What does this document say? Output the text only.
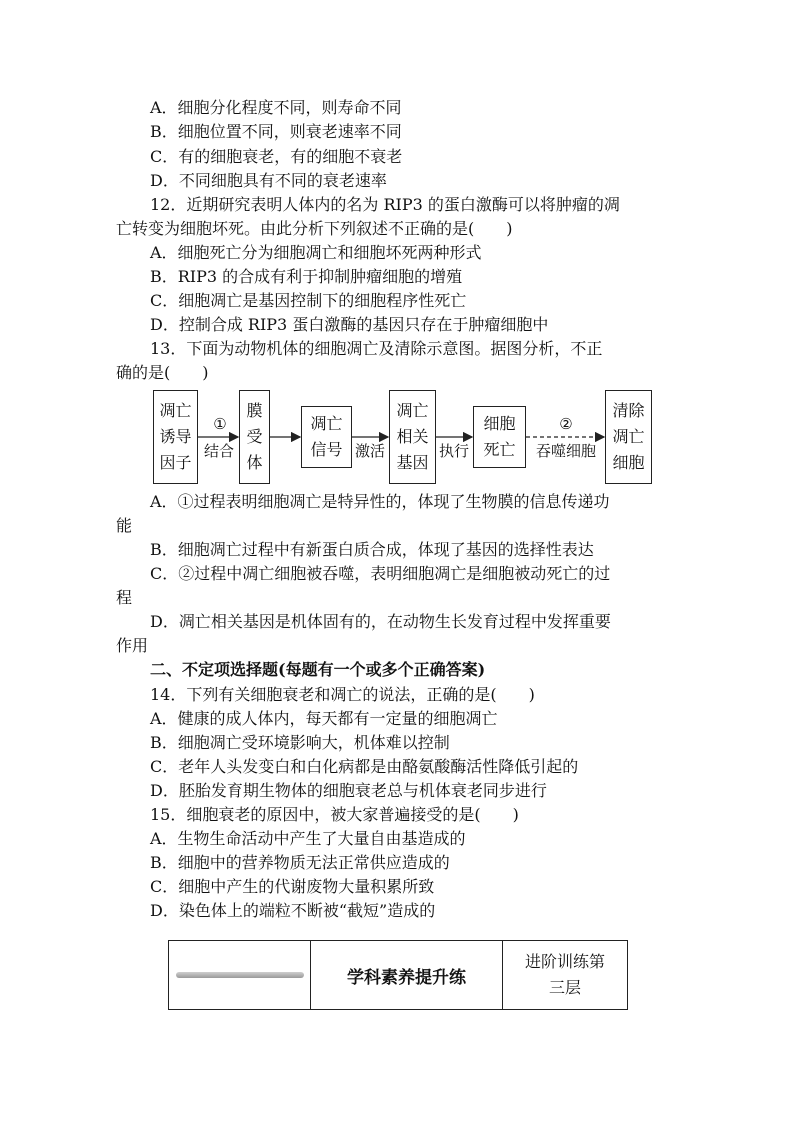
A．细胞分化程度不同，则寿命不同
B．细胞位置不同，则衰老速率不同
C．有的细胞衰老，有的细胞不衰老
D．不同细胞具有不同的衰老速率
12．近期研究表明人体内的名为 RIP3 的蛋白激酶可以将肿瘤的凋
亡转变为细胞坏死。由此分析下列叙述不正确的是(　　)
A．细胞死亡分为细胞凋亡和细胞坏死两种形式
B．RIP3 的合成有利于抑制肿瘤细胞的增殖
C．细胞凋亡是基因控制下的细胞程序性死亡
D．控制合成 RIP3 蛋白激酶的基因只存在于肿瘤细胞中
13．下面为动物机体的细胞凋亡及清除示意图。据图分析，不正
确的是(　　)
凋亡
诱导
因子
膜
受
体
凋亡
信号
凋亡
相关
基因
细胞
死亡
清除
凋亡
细胞
①
结合	激活	执行
②
吞噬细胞
A．①过程表明细胞凋亡是特异性的，体现了生物膜的信息传递功
能
B．细胞凋亡过程中有新蛋白质合成，体现了基因的选择性表达
C．②过程中凋亡细胞被吞噬，表明细胞凋亡是细胞被动死亡的过
程
D．凋亡相关基因是机体固有的，在动物生长发育过程中发挥重要
作用
二、不定项选择题(每题有一个或多个正确答案)
14．下列有关细胞衰老和凋亡的说法，正确的是(　　)
A．健康的成人体内，每天都有一定量的细胞凋亡
B．细胞凋亡受环境影响大，机体难以控制
C．老年人头发变白和白化病都是由酪氨酸酶活性降低引起的
D．胚胎发育期生物体的细胞衰老总与机体衰老同步进行
15．细胞衰老的原因中，被大家普遍接受的是(　　)
A．生物生命活动中产生了大量自由基造成的
B．细胞中的营养物质无法正常供应造成的
C．细胞中产生的代谢废物大量积累所致
D．染色体上的端粒不断被“截短”造成的
学科素养提升练
进阶训练第
三层
